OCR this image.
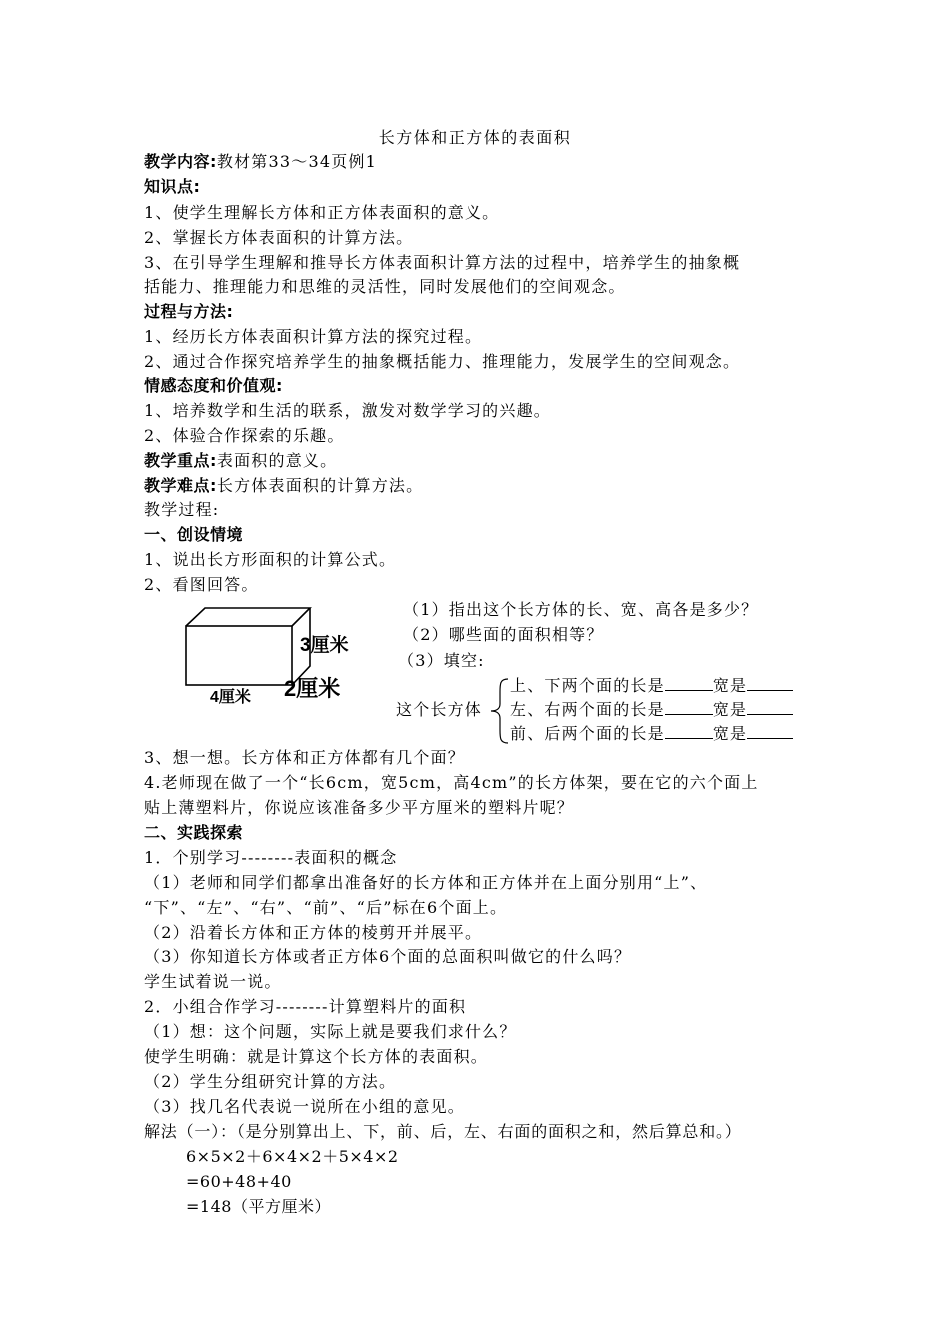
长方体和正方体的表面积
教学内容:教材第33～34页例1
知识点:
1、使学生理解长方体和正方体表面积的意义。
2、掌握长方体表面积的计算方法。
3、在引导学生理解和推导长方体表面积计算方法的过程中，培养学生的抽象概
括能力、推理能力和思维的灵活性，同时发展他们的空间观念。
过程与方法:
1、经历长方体表面积计算方法的探究过程。
2、通过合作探究培养学生的抽象概括能力、推理能力，发展学生的空间观念。
情感态度和价值观:
1、培养数学和生活的联系，激发对数学学习的兴趣。
2、体验合作探索的乐趣。
教学重点:表面积的意义。
教学难点:长方体表面积的计算方法。
教学过程:
一、创设情境
1、说出长方形面积的计算公式。
2、看图回答。
3厘米
4厘米 2厘米
（1）指出这个长方体的长、宽、高各是多少？
（2）哪些面的面积相等？
（3）填空:
这个长方体
上、下两个面的长是	宽是
左、右两个面的长是	宽是
前、后两个面的长是	宽是
3、想一想。长方体和正方体都有几个面？
4.老师现在做了一个“长6cm，宽5cm，高4cm”的长方体架，要在它的六个面上
贴上薄塑料片，你说应该准备多少平方厘米的塑料片呢？
二、实践探索
1．个别学习--------表面积的概念
（1）老师和同学们都拿出准备好的长方体和正方体并在上面分别用“上”、
“下”、“左”、“右”、“前”、“后”标在6个面上。
（2）沿着长方体和正方体的棱剪开并展平。
（3）你知道长方体或者正方体6个面的总面积叫做它的什么吗？
学生试着说一说。
2．小组合作学习--------计算塑料片的面积
（1）想：这个问题，实际上就是要我们求什么？
使学生明确：就是计算这个长方体的表面积。
（2）学生分组研究计算的方法。
（3）找几名代表说一说所在小组的意见。
解法（一）：（是分别算出上、下，前、后，左、右面的面积之和，然后算总和。）
6×5×2＋6×4×2＋5×4×2
=60+48+40
=148（平方厘米）
